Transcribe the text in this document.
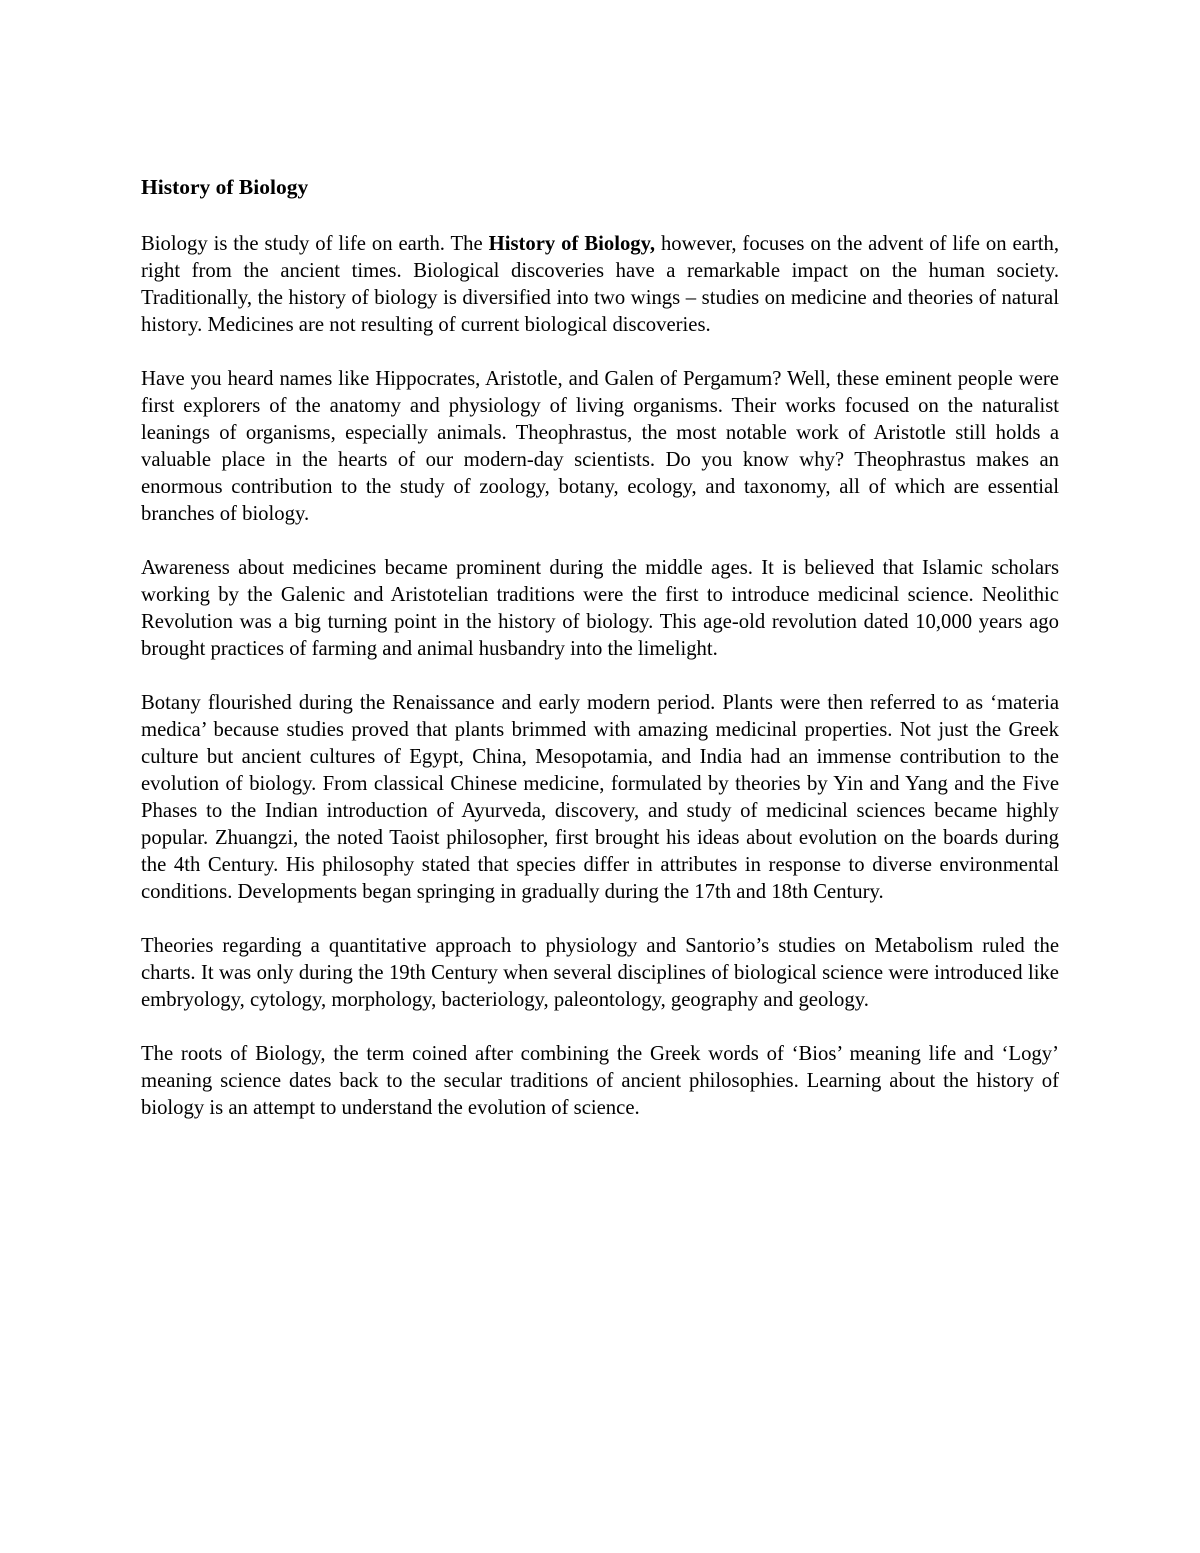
History of Biology

Biology is the study of life on earth. The History of Biology, however, focuses on the advent of life on earth, right from the ancient times. Biological discoveries have a remarkable impact on the human society. Traditionally, the history of biology is diversified into two wings – studies on medicine and theories of natural history. Medicines are not resulting of current biological discoveries.

Have you heard names like Hippocrates, Aristotle, and Galen of Pergamum? Well, these eminent people were first explorers of the anatomy and physiology of living organisms. Their works focused on the naturalist leanings of organisms, especially animals. Theophrastus, the most notable work of Aristotle still holds a valuable place in the hearts of our modern-day scientists. Do you know why? Theophrastus makes an enormous contribution to the study of zoology, botany, ecology, and taxonomy, all of which are essential branches of biology.

Awareness about medicines became prominent during the middle ages. It is believed that Islamic scholars working by the Galenic and Aristotelian traditions were the first to introduce medicinal science. Neolithic Revolution was a big turning point in the history of biology. This age-old revolution dated 10,000 years ago brought practices of farming and animal husbandry into the limelight.

Botany flourished during the Renaissance and early modern period. Plants were then referred to as ‘materia medica’ because studies proved that plants brimmed with amazing medicinal properties. Not just the Greek culture but ancient cultures of Egypt, China, Mesopotamia, and India had an immense contribution to the evolution of biology. From classical Chinese medicine, formulated by theories by Yin and Yang and the Five Phases to the Indian introduction of Ayurveda, discovery, and study of medicinal sciences became highly popular. Zhuangzi, the noted Taoist philosopher, first brought his ideas about evolution on the boards during the 4th Century. His philosophy stated that species differ in attributes in response to diverse environmental conditions. Developments began springing in gradually during the 17th and 18th Century.

Theories regarding a quantitative approach to physiology and Santorio’s studies on Metabolism ruled the charts. It was only during the 19th Century when several disciplines of biological science were introduced like embryology, cytology, morphology, bacteriology, paleontology, geography and geology.

The roots of Biology, the term coined after combining the Greek words of ‘Bios’ meaning life and ‘Logy’ meaning science dates back to the secular traditions of ancient philosophies. Learning about the history of biology is an attempt to understand the evolution of science.
